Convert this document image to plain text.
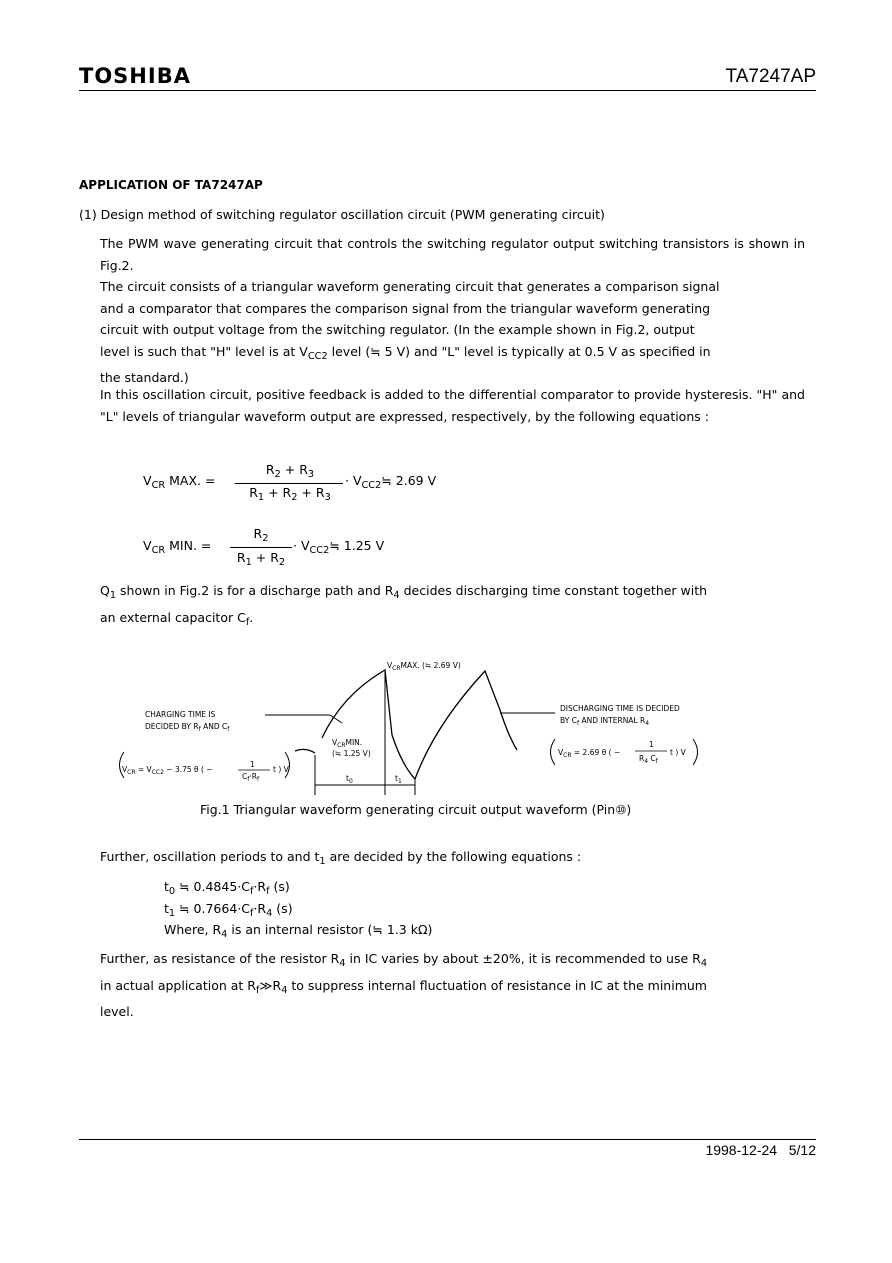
TOSHIBA	TA7247AP
APPLICATION OF TA7247AP
(1) Design method of switching regulator oscillation circuit (PWM generating circuit)
The PWM wave generating circuit that controls the switching regulator output switching transistors is shown in Fig.2.
The circuit consists of a triangular waveform generating circuit that generates a comparison signal
and a comparator that compares the comparison signal from the triangular waveform generating
circuit with output voltage from the switching regulator. (In the example shown in Fig.2, output
level is such that "H" level is at $V_{CC2}$ level (≒ 5 V) and "L" level is typically at 0.5 V as specified in
the standard.)
In this oscillation circuit, positive feedback is added to the differential comparator to provide hysteresis. "H" and "L" levels of triangular waveform output are expressed, respectively, by the following equations :
$V_{CR}$ MAX. =
$R_2 + R_3$
$R_1 + R_2 + R_3$
· $V_{CC2}≒$ 2.69 V
$V_{CR}$ MIN. =
$R_2$
$R_1 + R_2$
· $V_{CC2}≒$ 1.25 V
$Q_1$ shown in Fig.2 is for a discharge path and $R_4$ decides discharging time constant together with
an external capacitor $C_f$.
$V_{CR}MAX$. (≒ 2.69 V)
$V_{CR}MIN$.
(≒ 1.25 V)
CHARGING TIME IS
DECIDED BY $R_f$ AND $C_f$
DISCHARGING TIME IS DECIDED
BY $C_f$ AND INTERNAL $R_4$
$V_{CR} = V_{CC2} - 3.75$ θ ( −
1
$C_f\cdot R_f$
t ) V
$V_{CR} = 2.69$ θ ( −
1
$R_4$ $C_f$
t ) V
$t_0$	$t_1$
Fig.1 Triangular waveform generating circuit output waveform (Pin⑩)
Further, oscillation periods to and $t_1$ are decided by the following equations :
$t_0$ ≒ $0.4845\cdot C_f\cdot R_f$ (s)
$t_1$ ≒ $0.7664\cdot C_f\cdot R_4$ (s)
Where, $R_4$ is an internal resistor (≒ 1.3 kΩ)
Further, as resistance of the resistor $R_4$ in IC varies by about ±20%, it is recommended to use $R_4$
in actual application at $R_f≫R_4$ to suppress internal fluctuation of resistance in IC at the minimum
level.
1998-12-24 5/12
